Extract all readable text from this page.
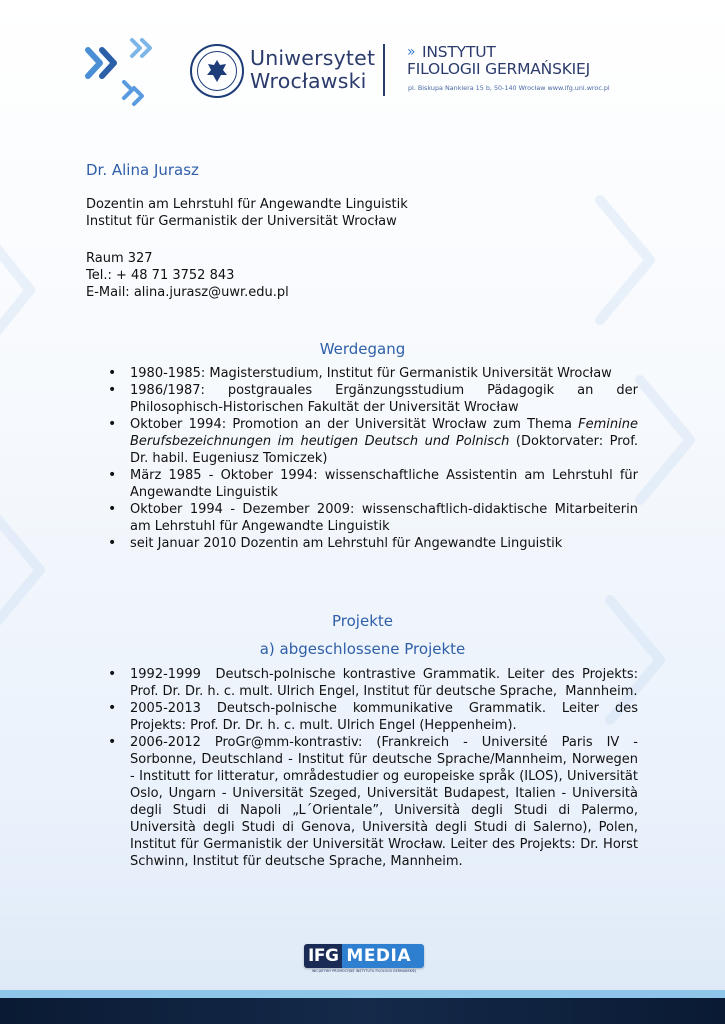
Uniwersytet
Wrocławski
» INSTYTUT
FILOLOGII GERMAŃSKIEJ
pl. Biskupa Nankiera 15 b, 50-140 Wrocław www.ifg.uni.wroc.pl
Dr. Alina Jurasz
Dozentin am Lehrstuhl für Angewandte Linguistik
Institut für Germanistik der Universität Wrocław
Raum 327
Tel.: + 48 71 3752 843
E-Mail: alina.jurasz@uwr.edu.pl
Werdegang
• 1980-1985: Magisterstudium, Institut für Germanistik Universität Wrocław
• 1986/1987: postgrauales Ergänzungsstudium Pädagogik an der Philosophisch-Historischen Fakultät der Universität Wrocław
• Oktober 1994: Promotion an der Universität Wrocław zum Thema Feminine Berufsbezeichnungen im heutigen Deutsch und Polnisch (Doktorvater: Prof. Dr. habil. Eugeniusz Tomiczek)
• März 1985 - Oktober 1994: wissenschaftliche Assistentin am Lehrstuhl für Angewandte Linguistik
• Oktober 1994 - Dezember 2009: wissenschaftlich-didaktische Mitarbeiterin am Lehrstuhl für Angewandte Linguistik
• seit Januar 2010 Dozentin am Lehrstuhl für Angewandte Linguistik
Projekte
a) abgeschlossene Projekte
• 1992-1999  Deutsch-polnische kontrastive Grammatik. Leiter des Projekts: Prof. Dr. Dr. h. c. mult. Ulrich Engel, Institut für deutsche Sprache,  Mannheim.
• 2005-2013 Deutsch-polnische kommunikative Grammatik. Leiter des Projekts: Prof. Dr. Dr. h. c. mult. Ulrich Engel (Heppenheim).
• 2006-2012 ProGr@mm-kontrastiv: (Frankreich - Université Paris IV - Sorbonne, Deutschland - Institut für deutsche Sprache/Mannheim, Norwegen - Institutt for litteratur, områdestudier og europeiske språk (ILOS), Universität Oslo, Ungarn - Universität Szeged, Universität Budapest, Italien - Università degli Studi di Napoli „L´Orientale”, Università degli Studi di Palermo, Università degli Studi di Genova, Università degli Studi di Salerno), Polen, Institut für Germanistik der Universität Wrocław. Leiter des Projekts: Dr. Horst Schwinn, Institut für deutsche Sprache, Mannheim.
IFG MEDIA
INICJATYWY PROMOCYJNE INSTYTUTU FILOLOGII GERMAŃSKIEJ
